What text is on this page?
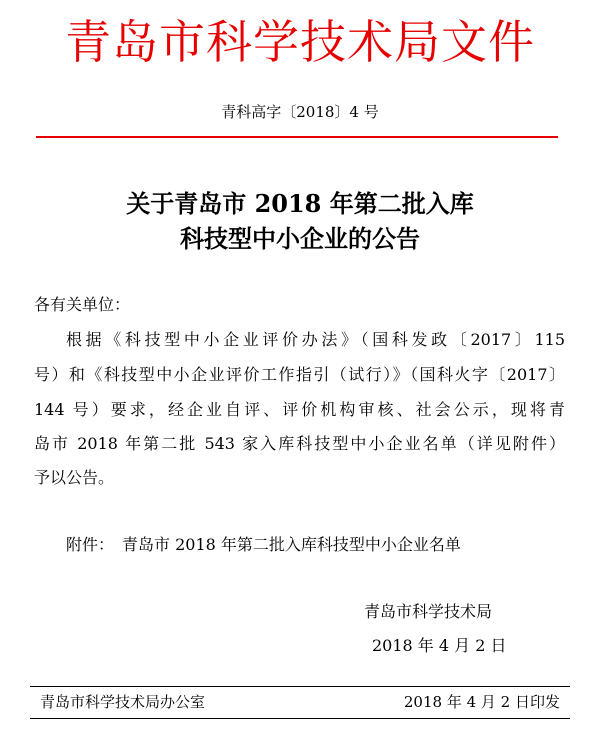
青岛市科学技术局文件
青科高字〔2018〕4 号
关于青岛市 2018 年第二批入库
科技型中小企业的公告
各有关单位：
根据《科技型中小企业评价办法》（国科发政〔2017〕115
号）和《科技型中小企业评价工作指引（试行）》（国科火字〔2017〕
144 号）要求，经企业自评、评价机构审核、社会公示，现将青
岛市 2018 年第二批 543 家入库科技型中小企业名单（详见附件）
予以公告。
附件： 青岛市 2018 年第二批入库科技型中小企业名单
青岛市科学技术局
2018 年 4 月 2 日
青岛市科学技术局办公室	2018 年 4 月 2 日印发
